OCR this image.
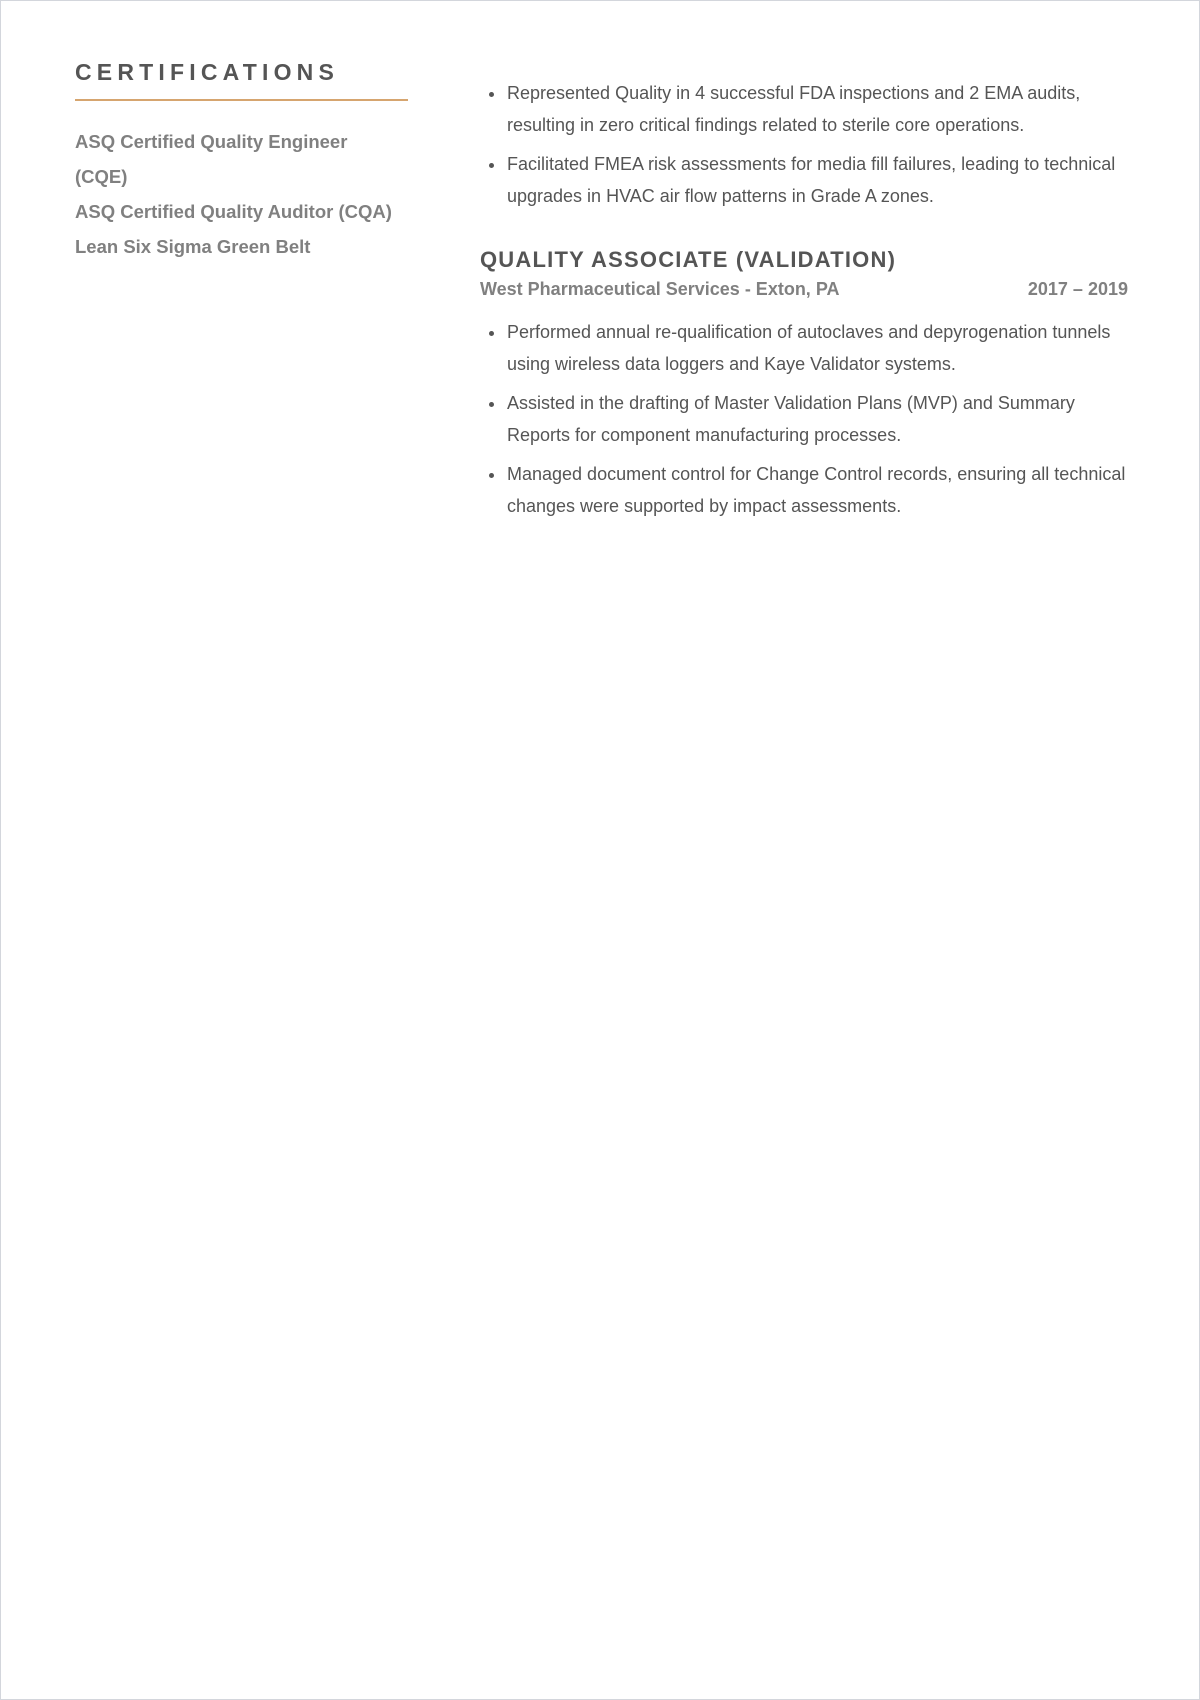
CERTIFICATIONS
ASQ Certified Quality Engineer (CQE)
ASQ Certified Quality Auditor (CQA)
Lean Six Sigma Green Belt
Represented Quality in 4 successful FDA inspections and 2 EMA audits, resulting in zero critical findings related to sterile core operations.
Facilitated FMEA risk assessments for media fill failures, leading to technical upgrades in HVAC air flow patterns in Grade A zones.
QUALITY ASSOCIATE (VALIDATION)
West Pharmaceutical Services - Exton, PA	2017 – 2019
Performed annual re-qualification of autoclaves and depyrogenation tunnels using wireless data loggers and Kaye Validator systems.
Assisted in the drafting of Master Validation Plans (MVP) and Summary Reports for component manufacturing processes.
Managed document control for Change Control records, ensuring all technical changes were supported by impact assessments.
